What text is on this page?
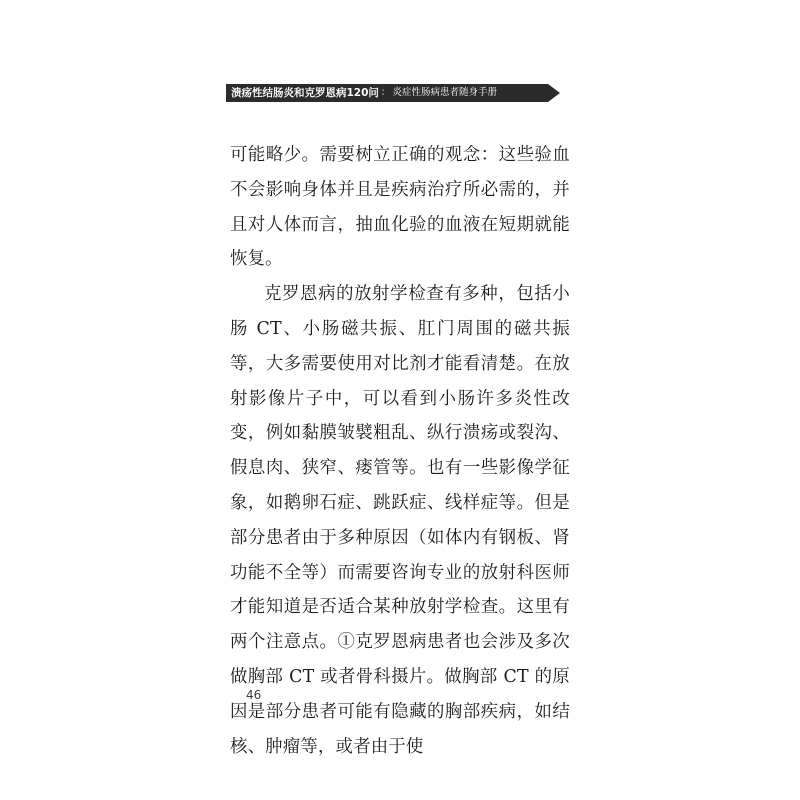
溃疡性结肠炎和克罗恩病120问 ： 炎症性肠病患者随身手册

可能略少。需要树立正确的观念：这些验血不会影响身体并且是疾病治疗所必需的，并且对人体而言，抽血化验的血液在短期就能恢复。

克罗恩病的放射学检查有多种，包括小肠 CT、小肠磁共振、肛门周围的磁共振等，大多需要使用对比剂才能看清楚。在放射影像片子中，可以看到小肠许多炎性改变，例如黏膜皱襞粗乱、纵行溃疡或裂沟、假息肉、狭窄、瘘管等。也有一些影像学征象，如鹅卵石症、跳跃症、线样症等。但是部分患者由于多种原因（如体内有钢板、肾功能不全等）而需要咨询专业的放射科医师才能知道是否适合某种放射学检查。这里有两个注意点。①克罗恩病患者也会涉及多次做胸部 CT 或者骨科摄片。做胸部 CT 的原因是部分患者可能有隐藏的胸部疾病，如结核、肿瘤等，或者由于使

46
